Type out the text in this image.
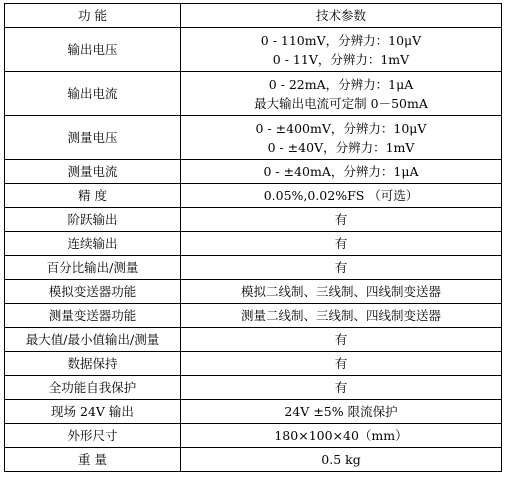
功 能	技术参数
输出电压	0 - 110mV，分辨力：10μV
0 - 11V，分辨力：1mV

输出电流	0 - 22mA，分辨力：1μA
最大输出电流可定制 0－50mA

测量电压	0 - ±400mV，分辨力：10μV
0 - ±40V，分辨力：1mV

测量电流	0 - ±40mA，分辨力：1μA
精 度	0.05%,0.02%FS （可选）
阶跃输出	有
连续输出	有
百分比输出/测量	有
模拟变送器功能	模拟二线制、三线制、四线制变送器
测量变送器功能	测量二线制、三线制、四线制变送器
最大值/最小值输出/测量	有
数据保持	有
全功能自我保护	有
现场 24V 输出	24V ±5% 限流保护
外形尺寸	180×100×40（mm）
重 量	0.5 kg
